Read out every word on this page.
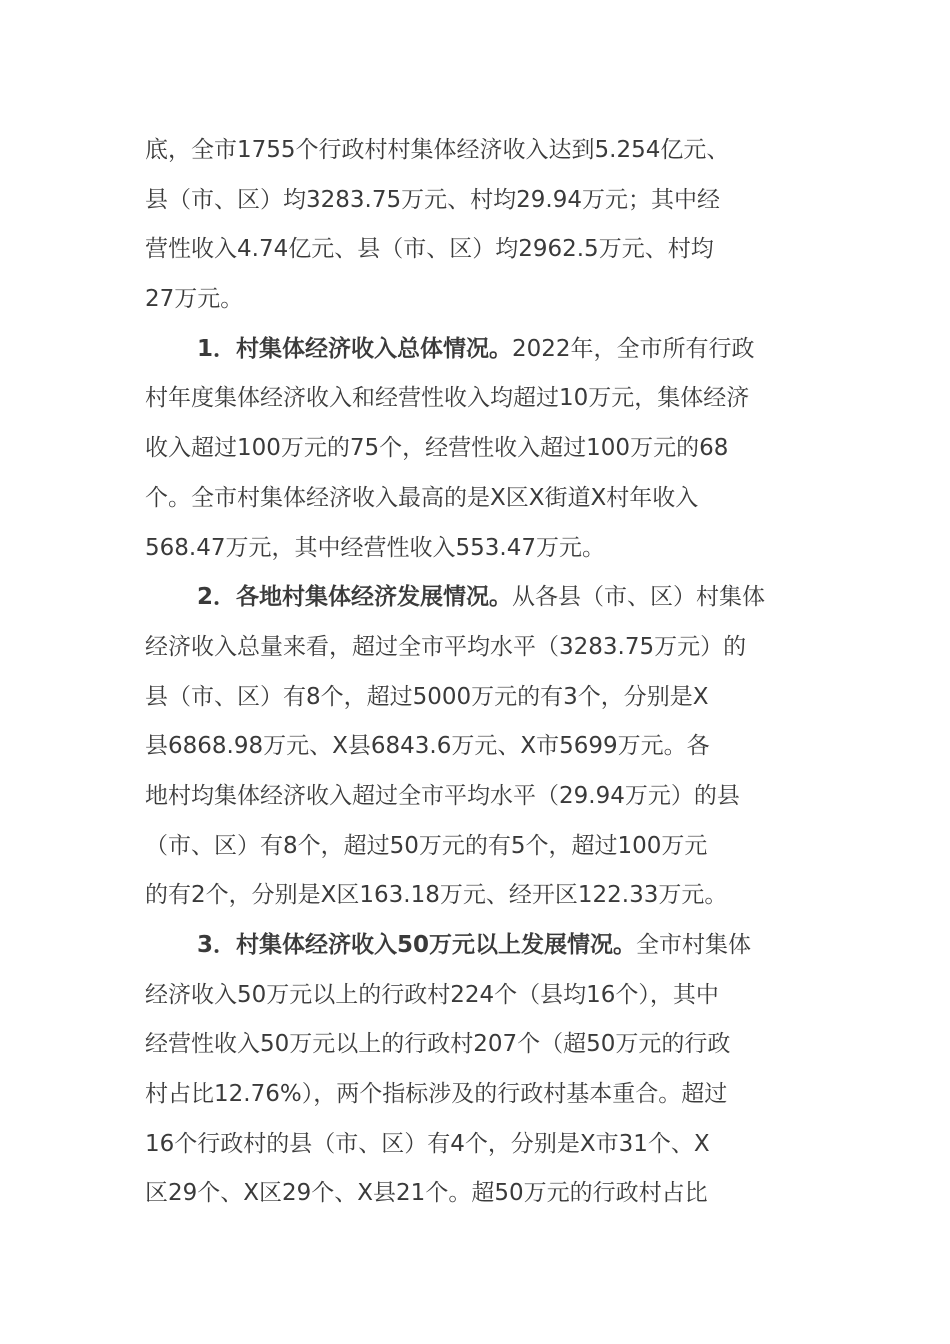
底，全市1755个行政村村集体经济收入达到5.254亿元、
县（市、区）均3283.75万元、村均29.94万元；其中经
营性收入4.74亿元、县（市、区）均2962.5万元、村均
27万元。
1．村集体经济收入总体情况。2022年，全市所有行政
村年度集体经济收入和经营性收入均超过10万元，集体经济
收入超过100万元的75个，经营性收入超过100万元的68
个。全市村集体经济收入最高的是X区X街道X村年收入
568.47万元，其中经营性收入553.47万元。
2．各地村集体经济发展情况。从各县（市、区）村集体
经济收入总量来看，超过全市平均水平（3283.75万元）的
县（市、区）有8个，超过5000万元的有3个，分别是X
县6868.98万元、X县6843.6万元、X市5699万元。各
地村均集体经济收入超过全市平均水平（29.94万元）的县
（市、区）有8个，超过50万元的有5个，超过100万元
的有2个，分别是X区163.18万元、经开区122.33万元。
3．村集体经济收入50万元以上发展情况。全市村集体
经济收入50万元以上的行政村224个（县均16个），其中
经营性收入50万元以上的行政村207个（超50万元的行政
村占比12.76%），两个指标涉及的行政村基本重合。超过
16个行政村的县（市、区）有4个，分别是X市31个、X
区29个、X区29个、X县21个。超50万元的行政村占比
